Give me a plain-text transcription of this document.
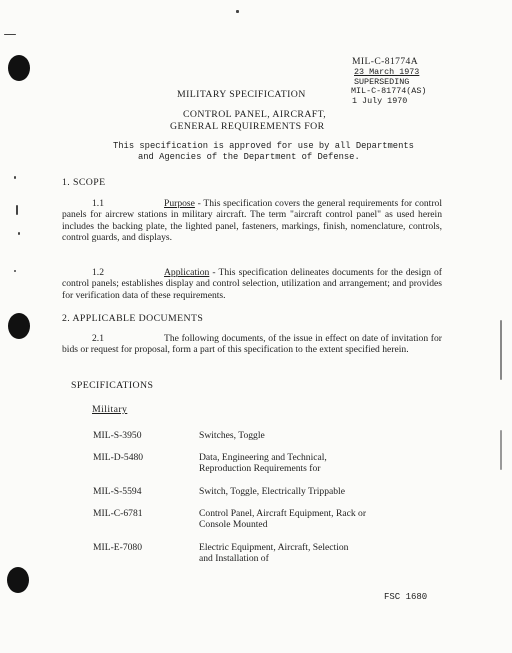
MIL-C-81774A
23 March 1973
SUPERSEDING
MIL-C-81774(AS)
1 July 1970
MILITARY SPECIFICATION
CONTROL PANEL, AIRCRAFT,
GENERAL REQUIREMENTS FOR
This specification is approved for use by all Departments
and Agencies of the Department of Defense.
1. SCOPE
1.1	Purpose - This specification covers the general requirements for control panels for aircrew stations in military aircraft. The term "aircraft control panel" as used herein includes the backing plate, the lighted panel, fasteners, markings, finish, nomenclature, controls, control guards, and displays.
1.2	Application - This specification delineates documents for the design of control panels; establishes display and control selection, utilization and arrangement; and provides for verification data of these requirements.
2. APPLICABLE DOCUMENTS
2.1	The following documents, of the issue in effect on date of invitation for bids or request for proposal, form a part of this specification to the extent specified herein.
SPECIFICATIONS
Military
MIL-S-3950	Switches, Toggle
MIL-D-5480	Data, Engineering and Technical,
Reproduction Requirements for
MIL-S-5594	Switch, Toggle, Electrically Trippable
MIL-C-6781	Control Panel, Aircraft Equipment, Rack or
Console Mounted
MIL-E-7080	Electric Equipment, Aircraft, Selection
and Installation of
FSC 1680
